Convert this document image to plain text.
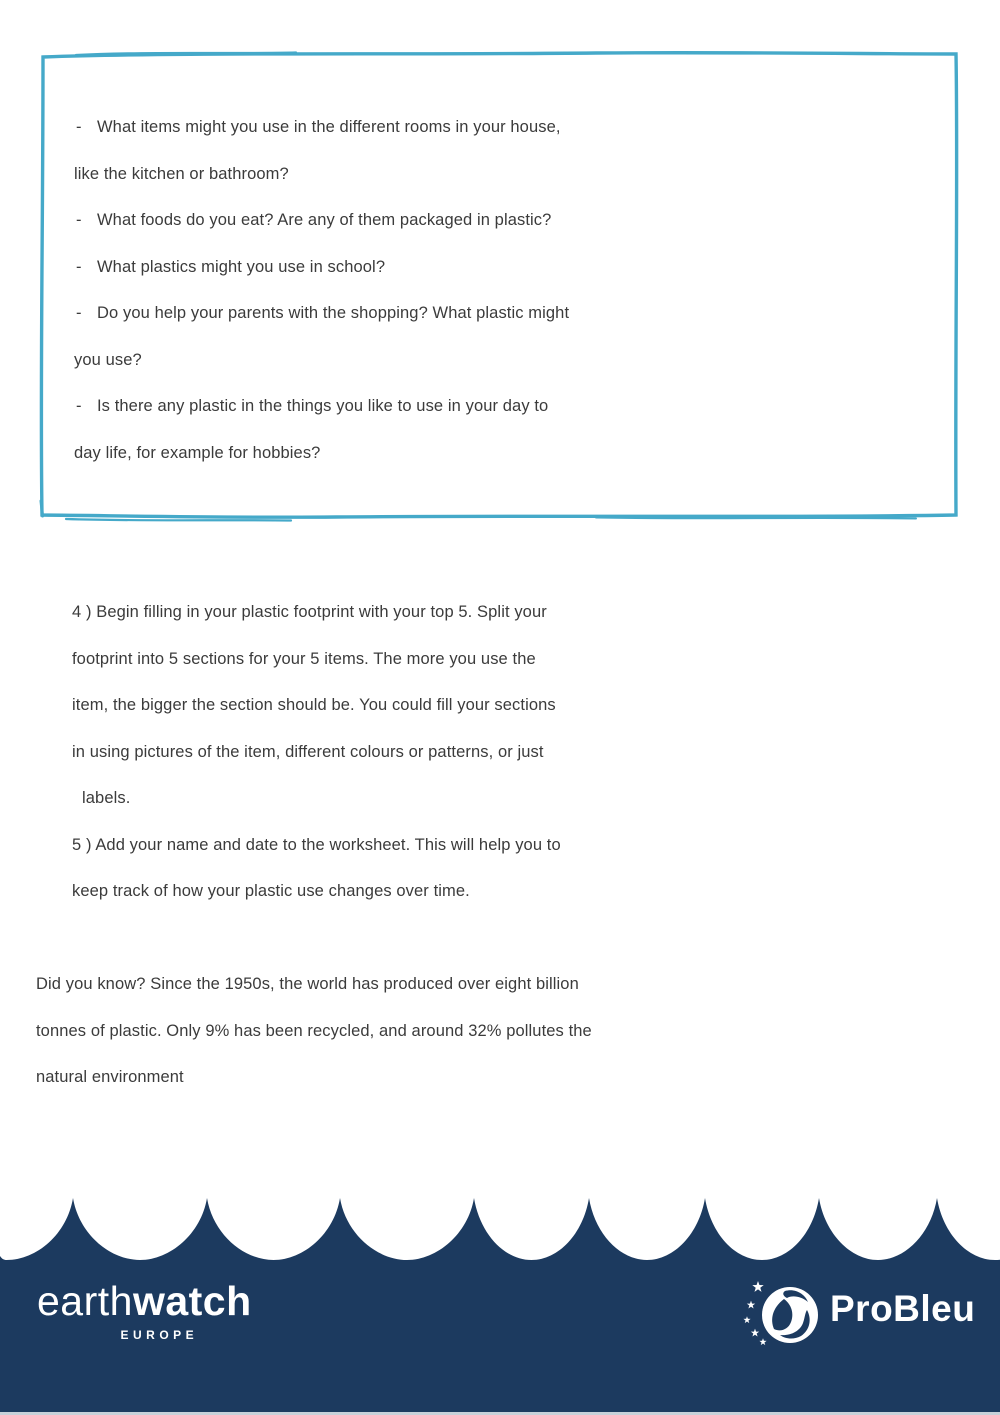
- What items might you use in the different rooms in your house,
like the kitchen or bathroom?
- What foods do you eat? Are any of them packaged in plastic?
- What plastics might you use in school?
- Do you help your parents with the shopping? What plastic might
you use?
- Is there any plastic in the things you like to use in your day to
day life, for example for hobbies?
4 ) Begin filling in your plastic footprint with your top 5. Split your
footprint into 5 sections for your 5 items. The more you use the
item, the bigger the section should be. You could fill your sections
in using pictures of the item, different colours or patterns, or just
labels.
5 ) Add your name and date to the worksheet. This will help you to
keep track of how your plastic use changes over time.
Did you know? Since the 1950s, the world has produced over eight billion
tonnes of plastic. Only 9% has been recycled, and around 32% pollutes the
natural environment
earthwatch
EUROPE
ProBleu
